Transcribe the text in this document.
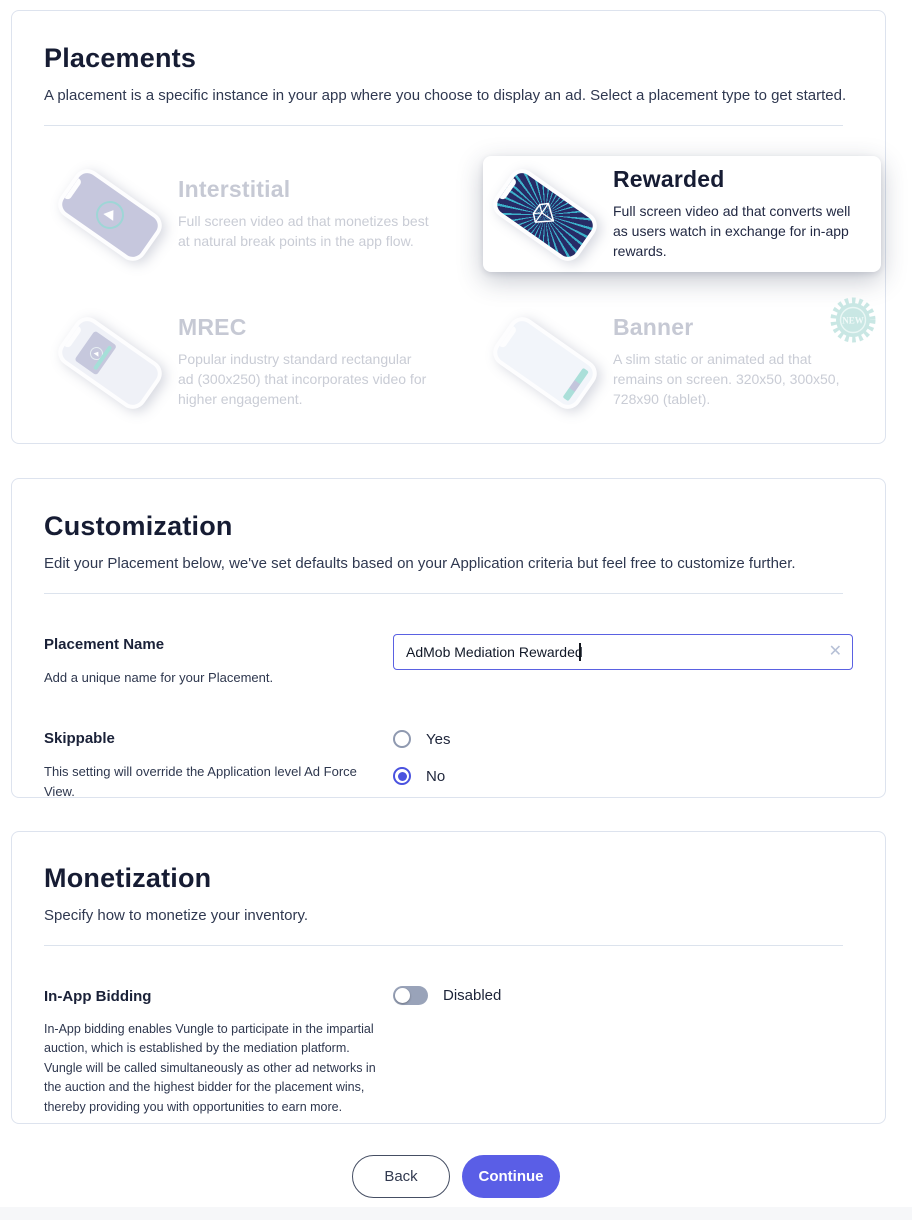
Placements

A placement is a specific instance in your app where you choose to display an ad. Select a placement type to get started.

Interstitial

Full screen video ad that monetizes best at natural break points in the app flow.

Rewarded

Full screen video ad that converts well as users watch in exchange for in-app rewards.

MREC

Popular industry standard rectangular ad (300x250) that incorporates video for higher engagement.

Banner

A slim static or animated ad that remains on screen. 320x50, 300x50, 728x90 (tablet).

NEW
Customization

Edit your Placement below, we've set defaults based on your Application criteria but feel free to customize further.

Placement Name

Add a unique name for your Placement.

AdMob Mediation Rewarded
✕

Skippable

This setting will override the Application level Ad Force View.

Yes
No
Monetization

Specify how to monetize your inventory.

In-App Bidding

In-App bidding enables Vungle to participate in the impartial auction, which is established by the mediation platform. Vungle will be called simultaneously as other ad networks in the auction and the highest bidder for the placement wins, thereby providing you with opportunities to earn more.

Disabled
Back	Continue
